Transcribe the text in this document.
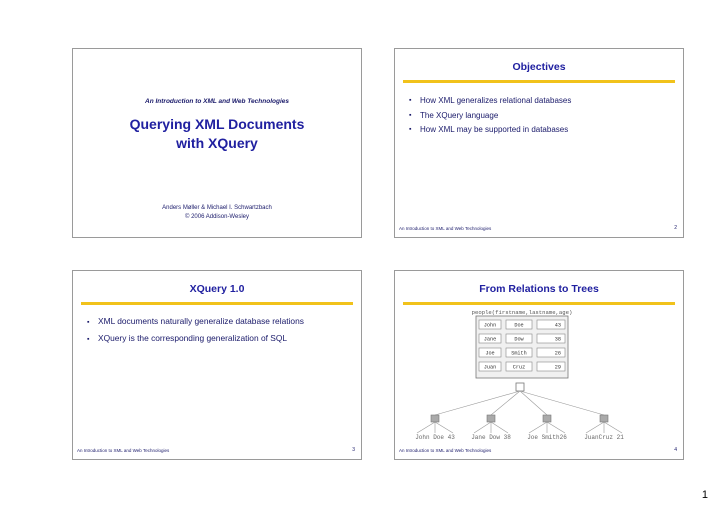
An Introduction to XML and Web Technologies
Querying XML Documents
with XQuery
Anders Møller & Michael I. Schwartzbach
© 2006 Addison-Wesley
Objectives
▪ How XML generalizes relational databases
▪ The XQuery language
▪ How XML may be supported in databases
An Introduction to XML and Web Technologies	2
XQuery 1.0
▪ XML documents naturally generalize database relations
▪ XQuery is the corresponding generalization of SQL
An Introduction to XML and Web Technologies	3
From Relations to Trees
people(firstname,lastname,age)
John	Doe	43
Jane	Dow	38
Joe	Smith	26
Juan	Cruz	29
John Doe 43	Jane Dow 38	Joe Smith26	JuanCruz 21
An Introduction to XML and Web Technologies	4
1
